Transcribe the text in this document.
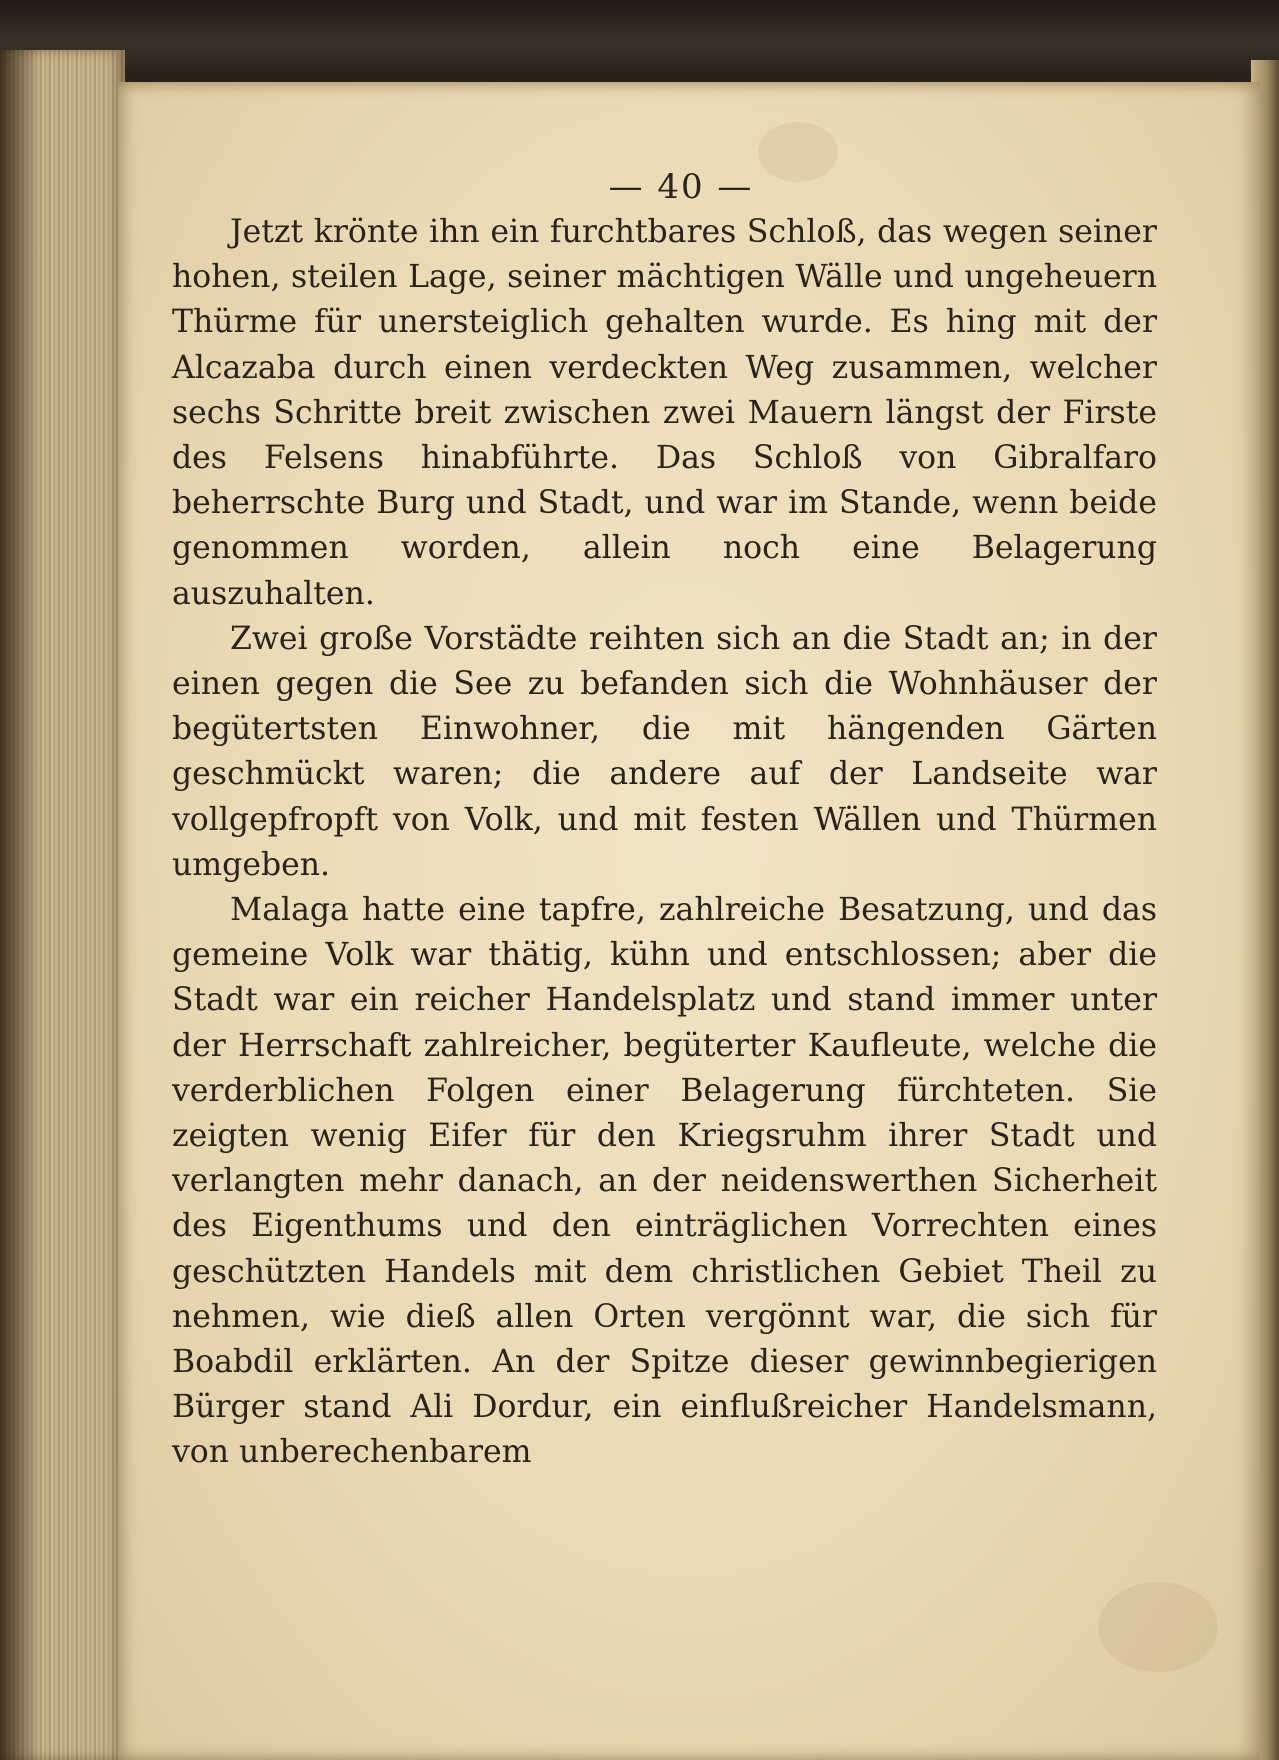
— 40 —

Jetzt krönte ihn ein furchtbares Schloß, das wegen seiner hohen, steilen Lage, seiner mächtigen Wälle und ungeheuern Thürme für unersteiglich gehalten wurde. Es hing mit der Alcazaba durch einen verdeckten Weg zusammen, welcher sechs Schritte breit zwischen zwei Mauern längst der Firste des Felsens hinabführte. Das Schloß von Gibralfaro beherrschte Burg und Stadt, und war im Stande, wenn beide genommen worden, allein noch eine Belagerung auszuhalten.

Zwei große Vorstädte reihten sich an die Stadt an; in der einen gegen die See zu befanden sich die Wohnhäuser der begütertsten Einwohner, die mit hängenden Gärten geschmückt waren; die andere auf der Landseite war vollgepfropft von Volk, und mit festen Wällen und Thürmen umgeben.

Malaga hatte eine tapfre, zahlreiche Besatzung, und das gemeine Volk war thätig, kühn und entschlossen; aber die Stadt war ein reicher Handelsplatz und stand immer unter der Herrschaft zahlreicher, begüterter Kaufleute, welche die verderblichen Folgen einer Belagerung fürchteten. Sie zeigten wenig Eifer für den Kriegsruhm ihrer Stadt und verlangten mehr danach, an der neidenswerthen Sicherheit des Eigenthums und den einträglichen Vorrechten eines geschützten Handels mit dem christlichen Gebiet Theil zu nehmen, wie dieß allen Orten vergönnt war, die sich für Boabdil erklärten. An der Spitze dieser gewinnbegierigen Bürger stand Ali Dordur, ein einflußreicher Handelsmann, von unberechenbarem
